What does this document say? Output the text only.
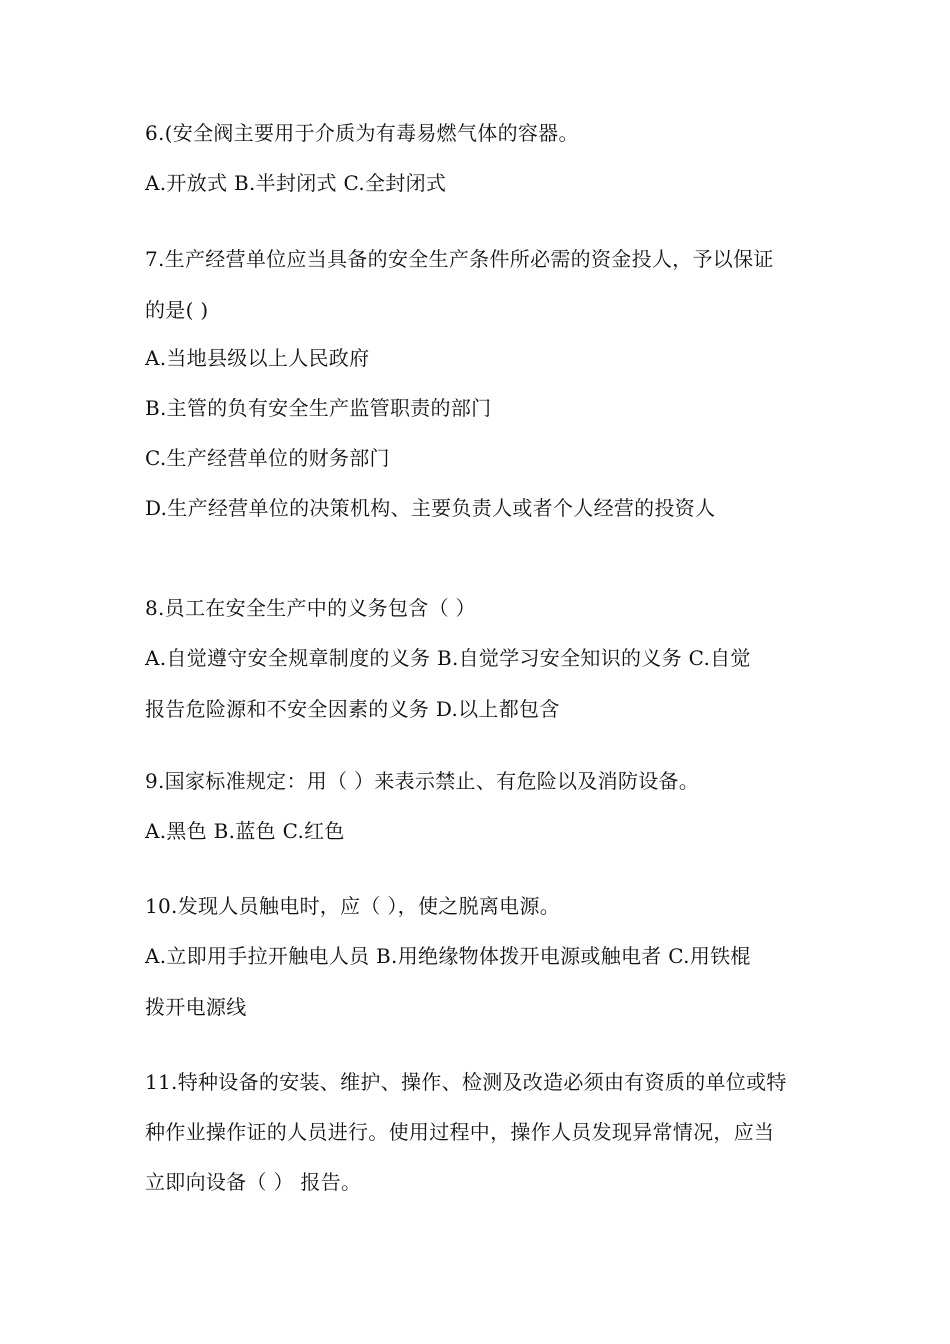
6.(安全阀主要用于介质为有毒易燃气体的容器。
A.开放式 B.半封闭式 C.全封闭式
7.生产经营单位应当具备的安全生产条件所必需的资金投人，予以保证
的是( )
A.当地县级以上人民政府
B.主管的负有安全生产监管职责的部门
C.生产经营单位的财务部门
D.生产经营单位的决策机构、主要负责人或者个人经营的投资人
8.员工在安全生产中的义务包含（ ）
A.自觉遵守安全规章制度的义务 B.自觉学习安全知识的义务 C.自觉
报告危险源和不安全因素的义务 D.以上都包含
9.国家标准规定：用（ ）来表示禁止、有危险以及消防设备。
A.黑色 B.蓝色 C.红色
10.发现人员触电时，应（ ），使之脱离电源。
A.立即用手拉开触电人员 B.用绝缘物体拨开电源或触电者 C.用铁棍
拨开电源线
11.特种设备的安装、维护、操作、检测及改造必须由有资质的单位或特
种作业操作证的人员进行。使用过程中，操作人员发现异常情况，应当
立即向设备（ ） 报告。
